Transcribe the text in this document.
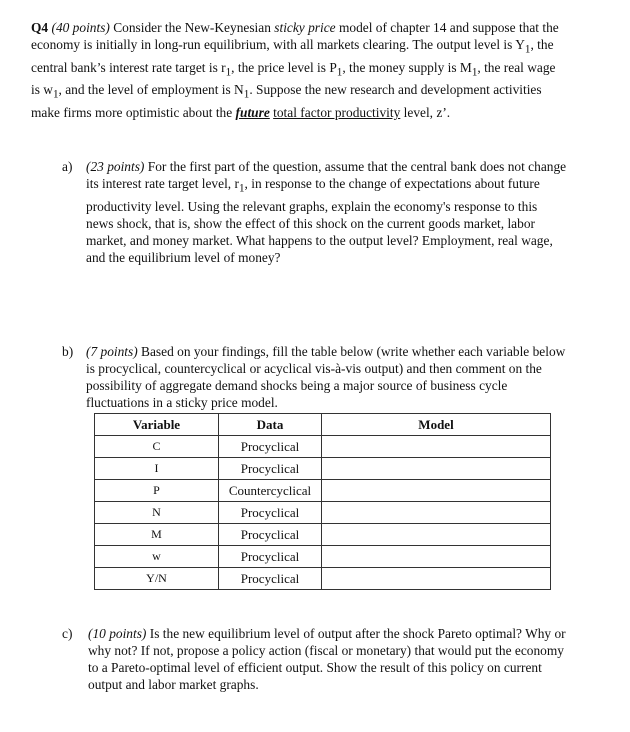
Q4 (40 points) Consider the New-Keynesian sticky price model of chapter 14 and suppose that the economy is initially in long-run equilibrium, with all markets clearing. The output level is $Y_1$, the central bank’s interest rate target is $r_1$, the price level is $P_1$, the money supply is $M_1$, the real wage is $w_1$, and the level of employment is $N_1$. Suppose the new research and development activities make firms more optimistic about the future total factor productivity level, z’.
a) (23 points) For the first part of the question, assume that the central bank does not change its interest rate target level, $r_1$, in response to the change of expectations about future productivity level. Using the relevant graphs, explain the economy's response to this news shock, that is, show the effect of this shock on the current goods market, labor market, and money market. What happens to the output level? Employment, real wage, and the equilibrium level of money?
b) (7 points) Based on your findings, fill the table below (write whether each variable below is procyclical, countercyclical or acyclical vis-à-vis output) and then comment on the possibility of aggregate demand shocks being a major source of business cycle fluctuations in a sticky price model.
Variable	Data	Model
C	Procyclical	
I	Procyclical	
P	Countercyclical	
N	Procyclical	
M	Procyclical	
w	Procyclical	
Y/N	Procyclical	
c) (10 points) Is the new equilibrium level of output after the shock Pareto optimal? Why or why not? If not, propose a policy action (fiscal or monetary) that would put the economy to a Pareto-optimal level of efficient output. Show the result of this policy on current output and labor market graphs.
